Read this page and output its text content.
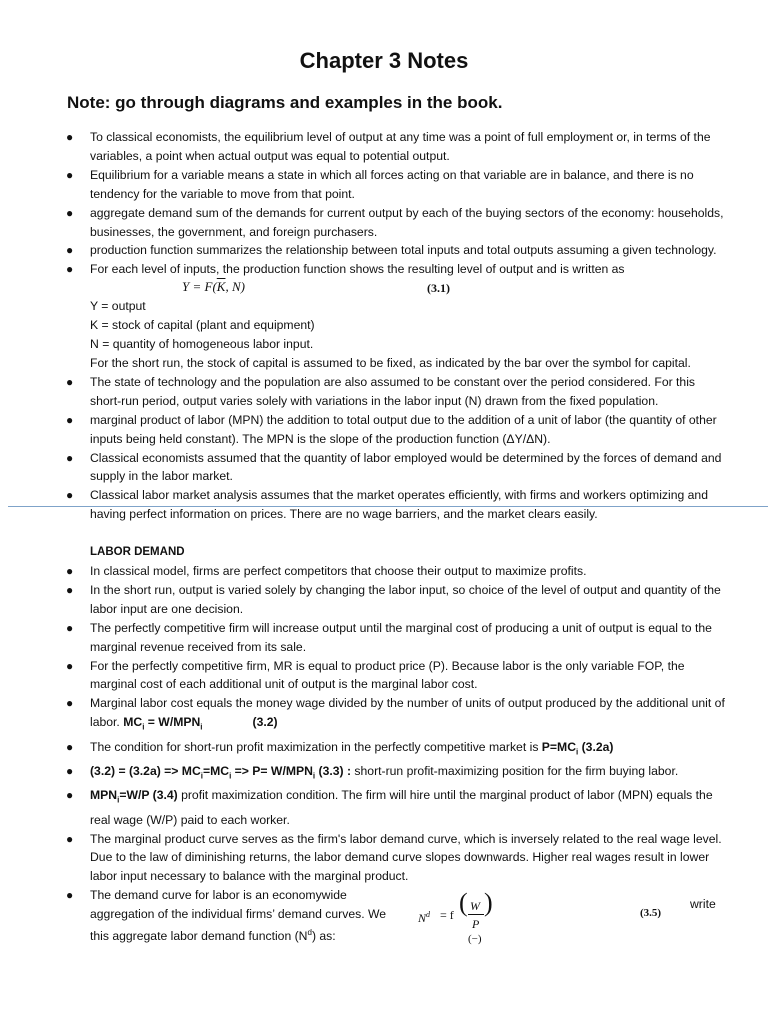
Chapter 3 Notes
Note: go through diagrams and examples in the book.
● To classical economists, the equilibrium level of output at any time was a point of full employment or, in terms of the variables, a point when actual output was equal to potential output.
● Equilibrium for a variable means a state in which all forces acting on that variable are in balance, and there is no tendency for the variable to move from that point.
● aggregate demand sum of the demands for current output by each of the buying sectors of the economy: households, businesses, the government, and foreign purchasers.
● production function summarizes the relationship between total inputs and total outputs assuming a given technology.
● For each level of inputs, the production function shows the resulting level of output and is written as
$Y = F(\overline{K}$, N)	(3.1)
Y = output
K = stock of capital (plant and equipment)
N = quantity of homogeneous labor input.
For the short run, the stock of capital is assumed to be fixed, as indicated by the bar over the symbol for capital.
● The state of technology and the population are also assumed to be constant over the period considered. For this short-run period, output varies solely with variations in the labor input (N) drawn from the fixed population.
● marginal product of labor (MPN) the addition to total output due to the addition of a unit of labor (the quantity of other inputs being held constant). The MPN is the slope of the production function (ΔY/ΔN).
● Classical economists assumed that the quantity of labor employed would be determined by the forces of demand and supply in the labor market.
● Classical labor market analysis assumes that the market operates efficiently, with firms and workers optimizing and having perfect information on prices. There are no wage barriers, and the market clears easily.
LABOR DEMAND
● In classical model, firms are perfect competitors that choose their output to maximize profits.
● In the short run, output is varied solely by changing the labor input, so choice of the level of output and quantity of the labor input are one decision.
● The perfectly competitive firm will increase output until the marginal cost of producing a unit of output is equal to the marginal revenue received from its sale.
● For the perfectly competitive firm, MR is equal to product price (P). Because labor is the only variable FOP, the marginal cost of each additional unit of output is the marginal labor cost.
● Marginal labor cost equals the money wage divided by the number of units of output produced by the additional unit of labor. $MC_i = W/MPN_i$	(3.2)
● The condition for short-run profit maximization in the perfectly competitive market is $P=MC_i$ (3.2a)
● $(3.2) = (3.2a) => MC_i=MC_i => P= W/MPN_i$ (3.3) : short-run profit-maximizing position for the firm buying labor.
● $MPN_i=W/P$ (3.4) profit maximization condition. The firm will hire until the marginal product of labor (MPN) equals the real wage (W/P) paid to each worker.
● The marginal product curve serves as the firm's labor demand curve, which is inversely related to the real wage level. Due to the law of diminishing returns, the labor demand curve slopes downwards. Higher real wages result in lower labor input necessary to balance with the marginal product.
● The demand curve for labor is an economywide
aggregation of the individual firms’ demand curves. We
this aggregate labor demand function $(N^d)$ as:
write
$N^d = f$ ( W
P
)
(−)
(3.5)
